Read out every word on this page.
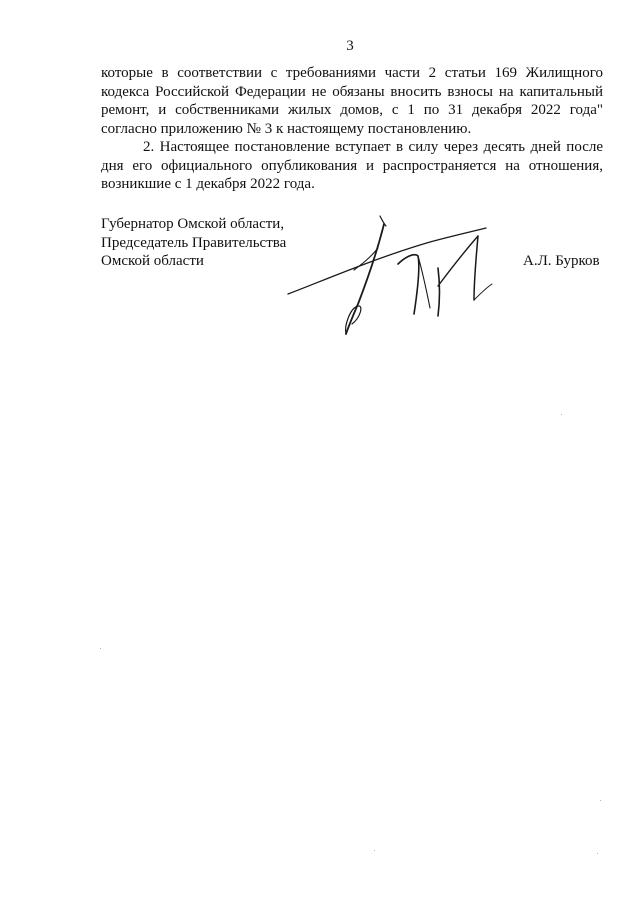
3

которые в соответствии с требованиями части 2 статьи 169 Жилищного кодекса Российской Федерации не обязаны вносить взносы на капитальный ремонт, и собственниками жилых домов, с 1 по 31 декабря 2022 года" согласно приложению № 3 к настоящему постановлению.

2. Настоящее постановление вступает в силу через десять дней после дня его официального опубликования и распространяется на отношения, возникшие с 1 декабря 2022 года.

Губернатор Омской области,
Председатель Правительства
Омской области	А.Л. Бурков
